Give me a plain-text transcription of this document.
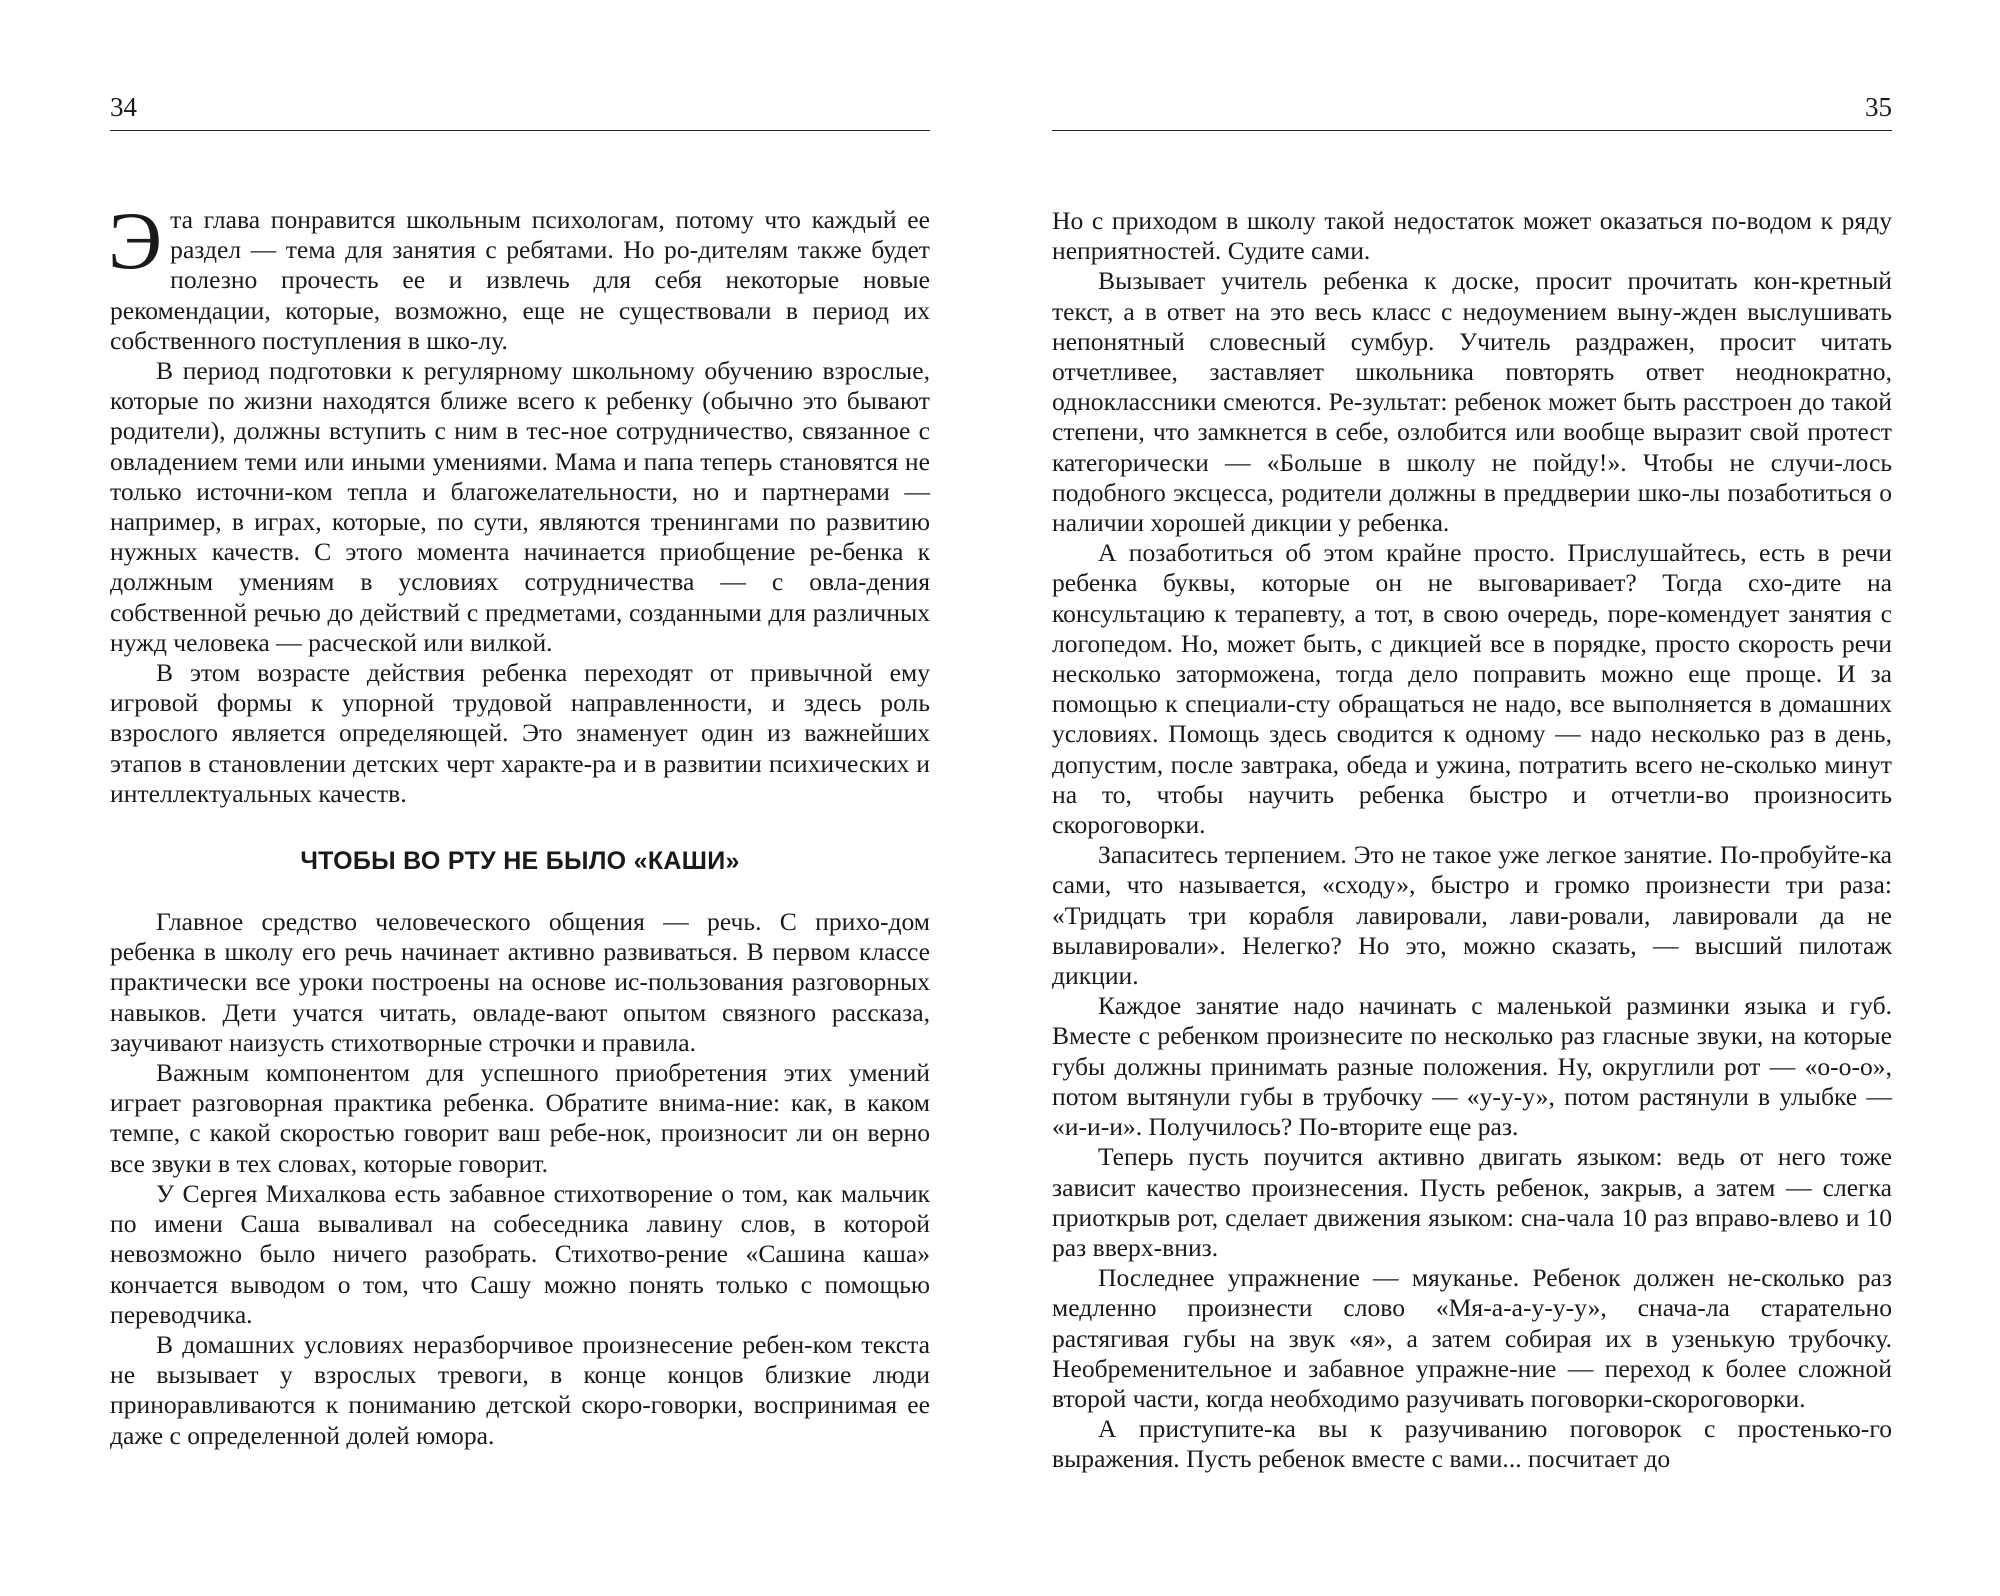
34

Эта глава понравится школьным психологам, потому что каждый ее раздел — тема для занятия с ребятами. Но ро-дителям также будет полезно прочесть ее и извлечь для себя некоторые новые рекомендации, которые, возможно, еще не существовали в период их собственного поступления в шко-лу.

В период подготовки к регулярному школьному обучению взрослые, которые по жизни находятся ближе всего к ребенку (обычно это бывают родители), должны вступить с ним в тес-ное сотрудничество, связанное с овладением теми или иными умениями. Мама и папа теперь становятся не только источни-ком тепла и благожелательности, но и партнерами — например, в играх, которые, по сути, являются тренингами по развитию нужных качеств. С этого момента начинается приобщение ре-бенка к должным умениям в условиях сотрудничества — с овла-дения собственной речью до действий с предметами, созданными для различных нужд человека — расческой или вилкой.

В этом возрасте действия ребенка переходят от привычной ему игровой формы к упорной трудовой направленности, и здесь роль взрослого является определяющей. Это знаменует один из важнейших этапов в становлении детских черт характе-ра и в развитии психических и интеллектуальных качеств.

ЧТОБЫ ВО РТУ НЕ БЫЛО «КАШИ»

Главное средство человеческого общения — речь. С прихо-дом ребенка в школу его речь начинает активно развиваться. В первом классе практически все уроки построены на основе ис-пользования разговорных навыков. Дети учатся читать, овладе-вают опытом связного рассказа, заучивают наизусть стихотворные строчки и правила.

Важным компонентом для успешного приобретения этих умений играет разговорная практика ребенка. Обратите внима-ние: как, в каком темпе, с какой скоростью говорит ваш ребе-нок, произносит ли он верно все звуки в тех словах, которые говорит.

У Сергея Михалкова есть забавное стихотворение о том, как мальчик по имени Саша вываливал на собеседника лавину слов, в которой невозможно было ничего разобрать. Стихотво-рение «Сашина каша» кончается выводом о том, что Сашу можно понять только с помощью переводчика.

В домашних условиях неразборчивое произнесение ребен-ком текста не вызывает у взрослых тревоги, в конце концов близкие люди приноравливаются к пониманию детской скоро-говорки, воспринимая ее даже с определенной долей юмора.

35

Но с приходом в школу такой недостаток может оказаться по-водом к ряду неприятностей. Судите сами.

Вызывает учитель ребенка к доске, просит прочитать кон-кретный текст, а в ответ на это весь класс с недоумением выну-жден выслушивать непонятный словесный сумбур. Учитель раздражен, просит читать отчетливее, заставляет школьника повторять ответ неоднократно, одноклассники смеются. Ре-зультат: ребенок может быть расстроен до такой степени, что замкнется в себе, озлобится или вообще выразит свой протест категорически — «Больше в школу не пойду!». Чтобы не случи-лось подобного эксцесса, родители должны в преддверии шко-лы позаботиться о наличии хорошей дикции у ребенка.

А позаботиться об этом крайне просто. Прислушайтесь, есть в речи ребенка буквы, которые он не выговаривает? Тогда схо-дите на консультацию к терапевту, а тот, в свою очередь, поре-комендует занятия с логопедом. Но, может быть, с дикцией все в порядке, просто скорость речи несколько заторможена, тогда дело поправить можно еще проще. И за помощью к специали-сту обращаться не надо, все выполняется в домашних условиях. Помощь здесь сводится к одному — надо несколько раз в день, допустим, после завтрака, обеда и ужина, потратить всего не-сколько минут на то, чтобы научить ребенка быстро и отчетли-во произносить скороговорки.

Запаситесь терпением. Это не такое уже легкое занятие. По-пробуйте-ка сами, что называется, «сходу», быстро и громко произнести три раза: «Тридцать три корабля лавировали, лави-ровали, лавировали да не вылавировали». Нелегко? Но это, можно сказать, — высший пилотаж дикции.

Каждое занятие надо начинать с маленькой разминки языка и губ. Вместе с ребенком произнесите по несколько раз гласные звуки, на которые губы должны принимать разные положения. Ну, округлили рот — «о-о-о», потом вытянули губы в трубочку — «у-у-у», потом растянули в улыбке — «и-и-и». Получилось? По-вторите еще раз.

Теперь пусть поучится активно двигать языком: ведь от него тоже зависит качество произнесения. Пусть ребенок, закрыв, а затем — слегка приоткрыв рот, сделает движения языком: сна-чала 10 раз вправо-влево и 10 раз вверх-вниз.

Последнее упражнение — мяуканье. Ребенок должен не-сколько раз медленно произнести слово «Мя-а-а-у-у-у», снача-ла старательно растягивая губы на звук «я», а затем собирая их в узенькую трубочку. Необременительное и забавное упражне-ние — переход к более сложной второй части, когда необходимо разучивать поговорки-скороговорки.

А приступите-ка вы к разучиванию поговорок с простенько-го выражения. Пусть ребенок вместе с вами... посчитает до
